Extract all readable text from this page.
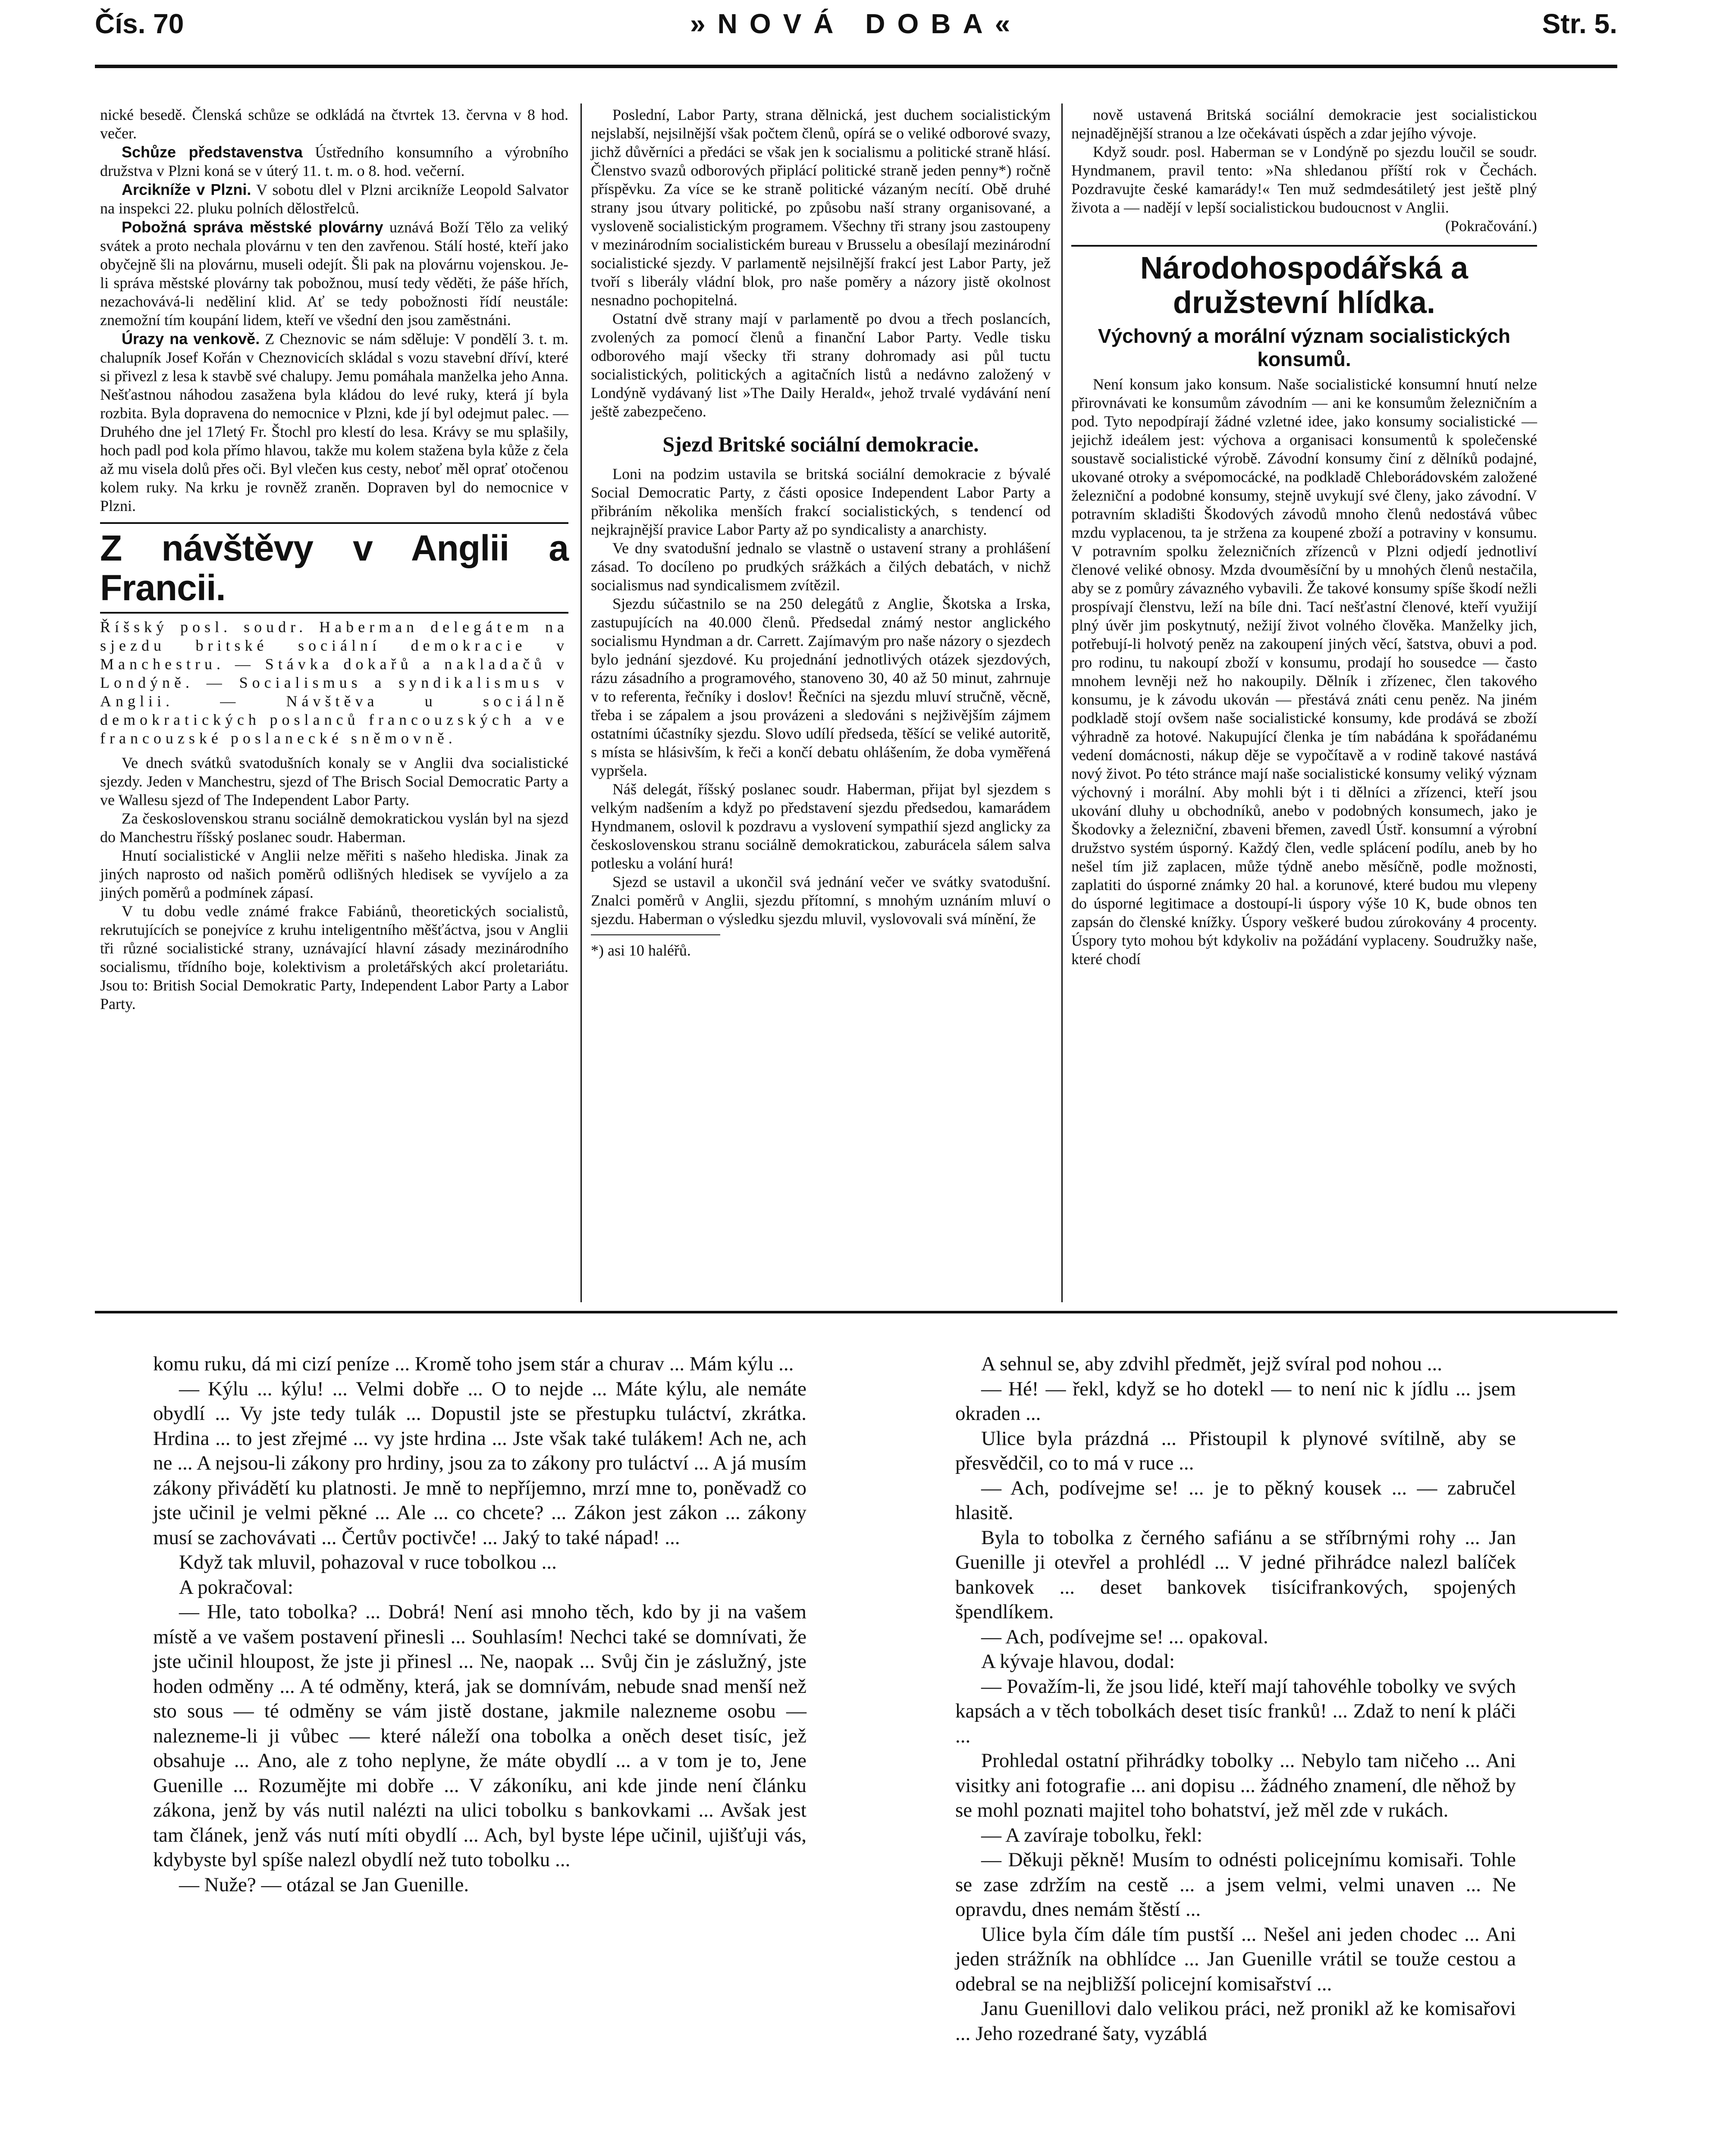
Čís. 70	»NOVÁ DOBA«	Str. 5.

nické besedě. Členská schůze se odkládá na čtvrtek 13. června v 8 hod. večer.

Schůze představenstva Ústředního konsumního a výrobního družstva v Plzni koná se v úterý 11. t. m. o 8. hod. večerní.

Arcikníže v Plzni. V sobotu dlel v Plzni arcikníže Leopold Salvator na inspekci 22. pluku polních dělostřelců.

Pobožná správa městské plovárny uznává Boží Tělo za veliký svátek a proto nechala plovárnu v ten den zavřenou. Stálí hosté, kteří jako obyčejně šli na plovárnu, museli odejít. Šli pak na plovárnu vojenskou. Je-li správa městské plovárny tak pobožnou, musí tedy věděti, že páše hřích, nezachovává-li neděliní klid. Ať se tedy pobožnosti řídí neustále: znemožní tím koupání lidem, kteří ve všední den jsou zaměstnáni.

Úrazy na venkově. Z Cheznovic se nám sděluje: V pondělí 3. t. m. chalupník Josef Kořán v Cheznovicích skládal s vozu stavební dříví, které si přivezl z lesa k stavbě své chalupy. Jemu pomáhala manželka jeho Anna. Nešťastnou náhodou zasažena byla kládou do levé ruky, která jí byla rozbita. Byla dopravena do nemocnice v Plzni, kde jí byl odejmut palec. — Druhého dne jel 17letý Fr. Štochl pro klestí do lesa. Krávy se mu splašily, hoch padl pod kola přímo hlavou, takže mu kolem stažena byla kůže z čela až mu visela dolů přes oči. Byl vlečen kus cesty, neboť měl oprať otočenou kolem ruky. Na krku je rovněž zraněn. Dopraven byl do nemocnice v Plzni.

Z návštěvy v Anglii a Francii.

Říšský posl. soudr. Haberman delegátem na sjezdu britské sociální demokracie v Manchestru. — Stávka dokařů a nakladačů v Londýně. — Socialismus a syndikalismus v Anglii. — Návštěva u sociálně demokratických poslanců francouzských a ve francouzské poslanecké sněmovně.

Ve dnech svátků svatodušních konaly se v Anglii dva socialistické sjezdy. Jeden v Manchestru, sjezd of The Brisch Social Democratic Party a ve Wallesu sjezd of The Independent Labor Party.

Za československou stranu sociálně demokratickou vyslán byl na sjezd do Manchestru říšský poslanec soudr. Haberman.

Hnutí socialistické v Anglii nelze měřiti s našeho hlediska. Jinak za jiných naprosto od našich poměrů odlišných hledisek se vyvíjelo a za jiných poměrů a podmínek zápasí.

V tu dobu vedle známé frakce Fabiánů, theoretických socialistů, rekrutujících se ponejvíce z kruhu inteligentního měšťáctva, jsou v Anglii tři různé socialistické strany, uznávající hlavní zásady mezinárodního socialismu, třídního boje, kolektivism a proletářských akcí proletariátu. Jsou to: British Social Demokratic Party, Independent Labor Party a Labor Party.

Poslední, Labor Party, strana dělnická, jest duchem socialistickým nejslabší, nejsilnější však počtem členů, opírá se o veliké odborové svazy, jichž důvěrníci a předáci se však jen k socialismu a politické straně hlásí. Členstvo svazů odborových připlácí politické straně jeden penny*) ročně příspěvku. Za více se ke straně politické vázaným necítí. Obě druhé strany jsou útvary politické, po způsobu naší strany organisované, a vysloveně socialistickým programem. Všechny tři strany jsou zastoupeny v mezinárodním socialistickém bureau v Brusselu a obesílají mezinárodní socialistické sjezdy. V parlamentě nejsilnější frakcí jest Labor Party, jež tvoří s liberály vládní blok, pro naše poměry a názory jistě okolnost nesnadno pochopitelná.

Ostatní dvě strany mají v parlamentě po dvou a třech poslancích, zvolených za pomocí členů a finanční Labor Party. Vedle tisku odborového mají všecky tři strany dohromady asi půl tuctu socialistických, politických a agitačních listů a nedávno založený v Londýně vydávaný list »The Daily Herald«, jehož trvalé vydávání není ještě zabezpečeno.

Sjezd Britské sociální demokracie.

Loni na podzim ustavila se britská sociální demokracie z bývalé Social Democratic Party, z části oposice Independent Labor Party a přibráním několika menších frakcí socialistických, s tendencí od nejkrajnější pravice Labor Party až po syndicalisty a anarchisty.

Ve dny svatodušní jednalo se vlastně o ustavení strany a prohlášení zásad. To docíleno po prudkých srážkách a čilých debatách, v nichž socialismus nad syndicalismem zvítězil.

Sjezdu súčastnilo se na 250 delegátů z Anglie, Škotska a Irska, zastupujících na 40.000 členů. Předsedal známý nestor anglického socialismu Hyndman a dr. Carrett. Zajímavým pro naše názory o sjezdech bylo jednání sjezdové. Ku projednání jednotlivých otázek sjezdových, rázu zásadního a programového, stanoveno 30, 40 až 50 minut, zahrnuje v to referenta, řečníky i doslov! Řečníci na sjezdu mluví stručně, věcně, třeba i se zápalem a jsou provázeni a sledováni s nejživějším zájmem ostatními účastníky sjezdu. Slovo udílí předseda, těšící se veliké autoritě, s místa se hlásivším, k řeči a končí debatu ohlášením, že doba vyměřená vypršela.

Náš delegát, říšský poslanec soudr. Haberman, přijat byl sjezdem s velkým nadšením a když po představení sjezdu předsedou, kamarádem Hyndmanem, oslovil k pozdravu a vyslovení sympathií sjezd anglicky za československou stranu sociálně demokratickou, zaburácela sálem salva potlesku a volání hurá!

Sjezd se ustavil a ukončil svá jednání večer ve svátky svatodušní. Znalci poměrů v Anglii, sjezdu přítomní, s mnohým uznáním mluví o sjezdu. Haberman o výsledku sjezdu mluvil, vyslovovali svá mínění, že

*) asi 10 haléřů.

nově ustavená Britská sociální demokracie jest socialistickou nejnadějnější stranou a lze očekávati úspěch a zdar jejího vývoje.

Když soudr. posl. Haberman se v Londýně po sjezdu loučil se soudr. Hyndmanem, pravil tento: »Na shledanou příští rok v Čechách. Pozdravujte české kamarády!« Ten muž sedmdesátiletý jest ještě plný života a — nadějí v lepší socialistickou budoucnost v Anglii.

(Pokračování.)
Národohospodářská a družstevní hlídka.
Výchovný a morální význam socialistických konsumů.

Není konsum jako konsum. Naše socialistické konsumní hnutí nelze přirovnávati ke konsumům závodním — ani ke konsumům železničním a pod. Tyto nepodpírají žádné vzletné idee, jako konsumy socialistické — jejichž ideálem jest: výchova a organisaci konsumentů k společenské soustavě socialistické výrobě. Závodní konsumy činí z dělníků podajné, ukované otroky a svépomocácké, na podkladě Chleborádovském založené železniční a podobné konsumy, stejně uvykují své členy, jako závodní. V potravním skladišti Škodových závodů mnoho členů nedostává vůbec mzdu vyplacenou, ta je stržena za koupené zboží a potraviny v konsumu. V potravním spolku železničních zřízenců v Plzni odjedí jednotliví členové veliké obnosy. Mzda dvouměsíční by u mnohých členů nestačila, aby se z pomůry závazného vybavili. Že takové konsumy spíše škodí nežli prospívají členstvu, leží na bíle dni. Tací nešťastní členové, kteří využijí plný úvěr jim poskytnutý, nežijí život volného člověka. Manželky jich, potřebují-li holvotý peněz na zakoupení jiných věcí, šatstva, obuvi a pod. pro rodinu, tu nakoupí zboží v konsumu, prodají ho sousedce — často mnohem levněji než ho nakoupily. Dělník i zřízenec, člen takového konsumu, je k závodu ukován — přestává znáti cenu peněz. Na jiném podkladě stojí ovšem naše socialistické konsumy, kde prodává se zboží výhradně za hotové. Nakupující členka je tím nabádána k spořádanému vedení domácnosti, nákup děje se vypočítavě a v rodině takové nastává nový život. Po této stránce mají naše socialistické konsumy veliký význam výchovný i morální. Aby mohli být i ti dělníci a zřízenci, kteří jsou ukování dluhy u obchodníků, anebo v podobných konsumech, jako je Škodovky a železniční, zbaveni břemen, zavedl Ústř. konsumní a výrobní družstvo systém úsporný. Každý člen, vedle splácení podílu, aneb by ho nešel tím již zaplacen, může týdně anebo měsíčně, podle možnosti, zaplatiti do úsporné známky 20 hal. a korunové, které budou mu vlepeny do úsporné legitimace a dostoupí-li úspory výše 10 K, bude obnos ten zapsán do členské knížky. Úspory veškeré budou zúrokovány 4 procenty. Úspory tyto mohou být kdykoliv na požádání vyplaceny. Soudružky naše, které chodí

komu ruku, dá mi cizí peníze ... Kromě toho jsem stár a churav ... Mám kýlu ...

— Kýlu ... kýlu! ... Velmi dobře ... O to nejde ... Máte kýlu, ale nemáte obydlí ... Vy jste tedy tulák ... Dopustil jste se přestupku tuláctví, zkrátka. Hrdina ... to jest zřejmé ... vy jste hrdina ... Jste však také tulákem! Ach ne, ach ne ... A nejsou-li zákony pro hrdiny, jsou za to zákony pro tuláctví ... A já musím zákony přivádětí ku platnosti. Je mně to nepříjemno, mrzí mne to, poněvadž co jste učinil je velmi pěkné ... Ale ... co chcete? ... Zákon jest zákon ... zákony musí se zachovávati ... Čertův poctivče! ... Jaký to také nápad! ...

Když tak mluvil, pohazoval v ruce tobolkou ...

A pokračoval:

— Hle, tato tobolka? ... Dobrá! Není asi mnoho těch, kdo by ji na vašem místě a ve vašem postavení přinesli ... Souhlasím! Nechci také se domnívati, že jste učinil hloupost, že jste ji přinesl ... Ne, naopak ... Svůj čin je záslužný, jste hoden odměny ... A té odměny, která, jak se domnívám, nebude snad menší než sto sous — té odměny se vám jistě dostane, jakmile nalezneme osobu — nalezneme-li ji vůbec — které náleží ona tobolka a oněch deset tisíc, jež obsahuje ... Ano, ale z toho neplyne, že máte obydlí ... a v tom je to, Jene Guenille ... Rozumějte mi dobře ... V zákoníku, ani kde jinde není článku zákona, jenž by vás nutil nalézti na ulici tobolku s bankovkami ... Avšak jest tam článek, jenž vás nutí míti obydlí ... Ach, byl byste lépe učinil, ujišťuji vás, kdybyste byl spíše nalezl obydlí než tuto tobolku ...

— Nuže? — otázal se Jan Guenille.

A sehnul se, aby zdvihl předmět, jejž svíral pod nohou ...

— Hé! — řekl, když se ho dotekl — to není nic k jídlu ... jsem okraden ...

Ulice byla prázdná ... Přistoupil k plynové svítilně, aby se přesvědčil, co to má v ruce ...

— Ach, podívejme se! ... je to pěkný kousek ... — zabručel hlasitě.

Byla to tobolka z černého safiánu a se stříbrnými rohy ... Jan Guenille ji otevřel a prohlédl ... V jedné přihrádce nalezl balíček bankovek ... deset bankovek tisícifrankových, spojených špendlíkem.

— Ach, podívejme se! ... opakoval.

A kývaje hlavou, dodal:

— Považím-li, že jsou lidé, kteří mají tahovéhle tobolky ve svých kapsách a v těch tobolkách deset tisíc franků! ... Zdaž to není k pláči ...

Prohledal ostatní přihrádky tobolky ... Nebylo tam ničeho ... Ani visitky ani fotografie ... ani dopisu ... žádného znamení, dle něhož by se mohl poznati majitel toho bohatství, jež měl zde v rukách.

— A zavíraje tobolku, řekl:

— Děkuji pěkně! Musím to odnésti policejnímu komisaři. Tohle se zase zdržím na cestě ... a jsem velmi, velmi unaven ... Ne opravdu, dnes nemám štěstí ...

Ulice byla čím dále tím pustší ... Nešel ani jeden chodec ... Ani jeden strážník na obhlídce ... Jan Guenille vrátil se touže cestou a odebral se na nejbližší policejní komisařství ...

Janu Guenillovi dalo velikou práci, než pronikl až ke komisařovi ... Jeho rozedrané šaty, vyzáblá
